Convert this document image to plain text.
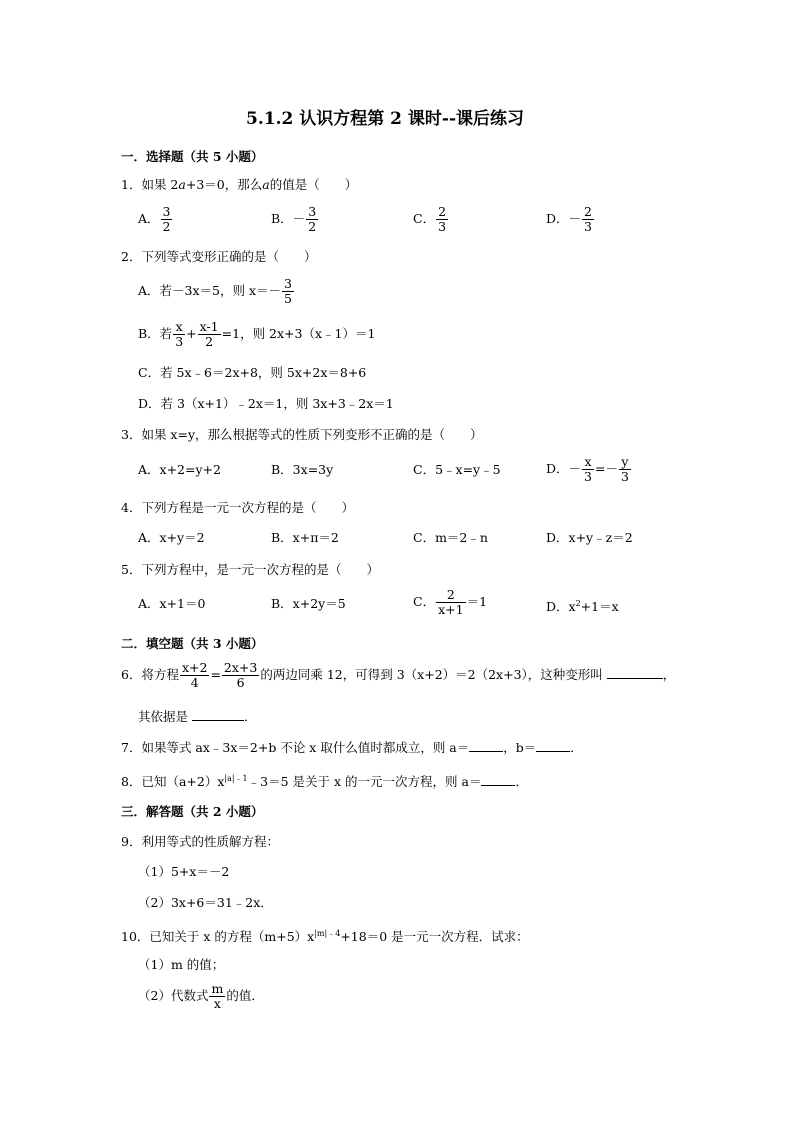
5.1.2 认识方程第 2 课时--课后练习
一．选择题（共 5 小题）
1．如果 2a+3＝0，那么a的值是（　　）
A． $\frac{3}{2}$	B．－ $\frac{3}{2}$	C． $\frac{2}{3}$	D．－ $\frac{2}{3}$
2．下列等式变形正确的是（　　）
A．若－3x＝5，则 $x=- \frac{3}{5}$
B．若 $\frac{x}{3} + \frac{x-1}{2} =1$，则 2x+3（x﹣1）＝1
C．若 5x﹣6＝2x+8，则 5x+2x＝8+6
D．若 3（x+1）﹣2x＝1，则 3x+3﹣2x＝1
3．如果 x=y，那么根据等式的性质下列变形不正确的是（　　）
A．x+2=y+2	B．3x=3y	C．5﹣x=y﹣5	D．－ $\frac{x}{3} =- \frac{y}{3}$
4．下列方程是一元一次方程的是（　　）
A．x+y＝2	B．x+π＝2	C．m＝2﹣n	D．x+y﹣z＝2
5．下列方程中，是一元一次方程的是（　　）
A．x+1＝0	B．x+2y＝5	C． $\frac{2}{x+1} =1$	D．$x^2+1=x$
二．填空题（共 3 小题）
6．将方程 $\frac{x+2}{4} = \frac{2x+3}{6}$ 的两边同乘 12，可得到 3（x+2）＝2（2x+3），这种变形叫	，
其依据是	．
7．如果等式 ax﹣3x＝2+b 不论 x 取什么值时都成立，则 a＝	，b＝	．
8．已知$(a+2)x^{|a|﹣1}﹣3=5$ 是关于 x 的一元一次方程，则 a＝	．
三．解答题（共 2 小题）
9．利用等式的性质解方程：
（1）5+x＝－2
（2）3x+6＝31﹣2x．
10．已知关于 x 的方程$(m+5)x^{|m|﹣4}+18=0$ 是一元一次方程．试求：
（1）m 的值；
（2）代数式 $\frac{m}{x}$ 的值．
